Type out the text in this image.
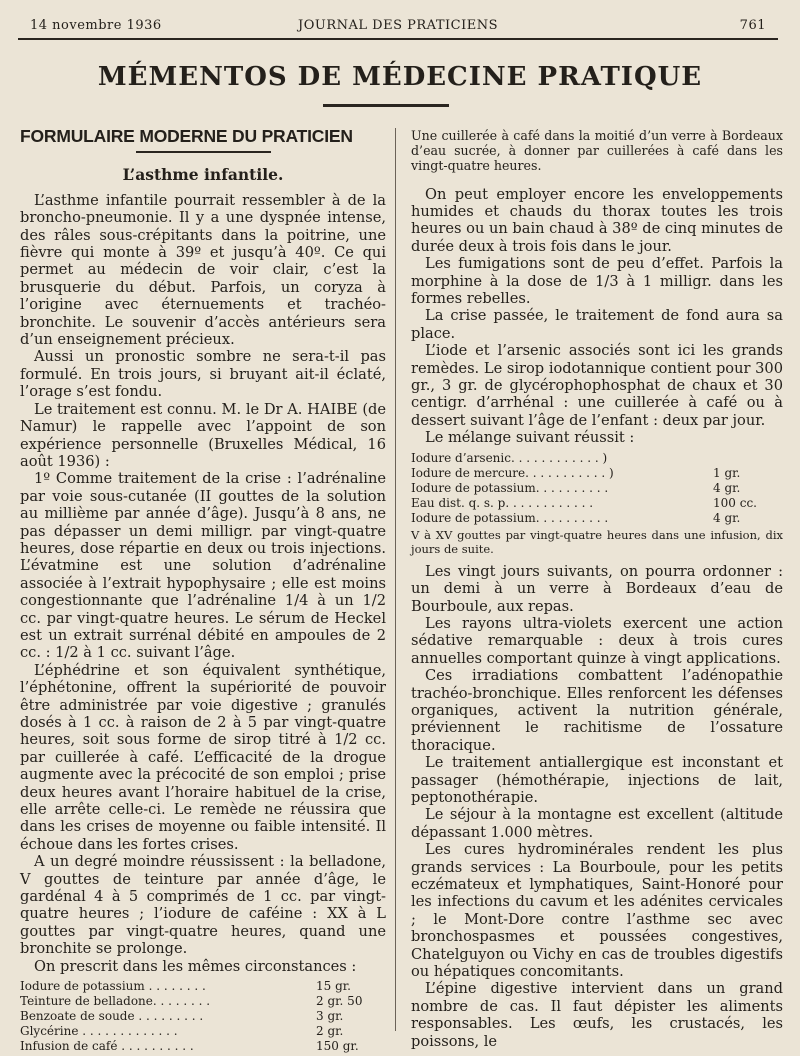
14 novembre 1936	JOURNAL DES PRATICIENS	761
MÉMENTOS DE MÉDECINE PRATIQUE
FORMULAIRE MODERNE DU PRATICIEN
L’asthme infantile.

L’asthme infantile pourrait ressembler à de la broncho-pneumonie. Il y a une dyspnée intense, des râles sous-crépitants dans la poitrine, une fièvre qui monte à 39º et jusqu’à 40º. Ce qui permet au médecin de voir clair, c’est la brusquerie du début. Parfois, un coryza à l’origine avec éternuements et trachéo-bronchite. Le souvenir d’accès antérieurs sera d’un enseignement précieux.

Aussi un pronostic sombre ne sera-t-il pas formulé. En trois jours, si bruyant ait-il éclaté, l’orage s’est fondu.

Le traitement est connu. M. le Dr A. HAIBE (de Namur) le rappelle avec l’appoint de son expérience personnelle (Bruxelles Médical, 16 août 1936) :

1º Comme traitement de la crise : l’adrénaline par voie sous-cutanée (II gouttes de la solution au millième par année d’âge). Jusqu’à 8 ans, ne pas dépasser un demi milligr. par vingt-quatre heures, dose répartie en deux ou trois injections. L’évatmine est une solution d’adrénaline associée à l’extrait hypophysaire ; elle est moins congestionnante que l’adrénaline 1/4 à un 1/2 cc. par vingt-quatre heures. Le sérum de Heckel est un extrait surrénal débité en ampoules de 2 cc. : 1/2 à 1 cc. suivant l’âge.

L’éphédrine et son équivalent synthétique, l’éphétonine, offrent la supériorité de pouvoir être administrée par voie digestive ; granulés dosés à 1 cc. à raison de 2 à 5 par vingt-quatre heures, soit sous forme de sirop titré à 1/2 cc. par cuillerée à café. L’efficacité de la drogue augmente avec la précocité de son emploi ; prise deux heures avant l’horaire habituel de la crise, elle arrête celle-ci. Le remède ne réussira que dans les crises de moyenne ou faible intensité. Il échoue dans les fortes crises.

A un degré moindre réussissent : la belladone, V gouttes de teinture par année d’âge, le gardénal 4 à 5 comprimés de 1 cc. par vingt-quatre heures ; l’iodure de caféine : XX à L gouttes par vingt-quatre heures, quand une bronchite se prolonge.

On prescrit dans les mêmes circonstances :

Iodure de potassium . . . . . . . .	15 gr.
Teinture de belladone. . . . . . . .	2 gr. 50
Benzoate de soude . . . . . . . . .	3 gr.
Glycérine . . . . . . . . . . . . .	2 gr.
Infusion de café . . . . . . . . . .	150 gr.

Une cuillerée à café dans la moitié d’un verre à Bordeaux d’eau sucrée, à donner par cuillerées à café dans les vingt-quatre heures.

On peut employer encore les enveloppements humides et chauds du thorax toutes les trois heures ou un bain chaud à 38º de cinq minutes de durée deux à trois fois dans le jour.

Les fumigations sont de peu d’effet. Parfois la morphine à la dose de 1/3 à 1 milligr. dans les formes rebelles.

La crise passée, le traitement de fond aura sa place.

L’iode et l’arsenic associés sont ici les grands remèdes. Le sirop iodotannique contient pour 300 gr., 3 gr. de glycérophophosphat de chaux et 30 centigr. d’arrhénal : une cuillerée à café ou à dessert suivant l’âge de l’enfant : deux par jour.

Le mélange suivant réussit :

Iodure d’arsenic. . . . . . . . . . . . )
Iodure de mercure. . . . . . . . . . . )	1 gr.
Iodure de potassium. . . . . . . . . .	4 gr.
Eau dist. q. s. p. . . . . . . . . . . .	100 cc.
Iodure de potassium. . . . . . . . . .	4 gr.
V à XV gouttes par vingt-quatre heures dans une infusion, dix jours de suite.

Les vingt jours suivants, on pourra ordonner : un demi à un verre à Bordeaux d’eau de Bourboule, aux repas.

Les rayons ultra-violets exercent une action sédative remarquable : deux à trois cures annuelles comportant quinze à vingt applications.

Ces irradiations combattent l’adénopathie trachéo-bronchique. Elles renforcent les défenses organiques, activent la nutrition générale, préviennent le rachitisme de l’ossature thoracique.

Le traitement antiallergique est inconstant et passager (hémothérapie, injections de lait, peptonothérapie.

Le séjour à la montagne est excellent (altitude dépassant 1.000 mètres.

Les cures hydrominérales rendent les plus grands services : La Bourboule, pour les petits eczémateux et lymphatiques, Saint-Honoré pour les infections du cavum et les adénites cervicales ; le Mont-Dore contre l’asthme sec avec bronchospasmes et poussées congestives, Chatelguyon ou Vichy en cas de troubles digestifs ou hépatiques concomitants.

L’épine digestive intervient dans un grand nombre de cas. Il faut dépister les aliments responsables. Les œufs, les crustacés, les poissons, le
